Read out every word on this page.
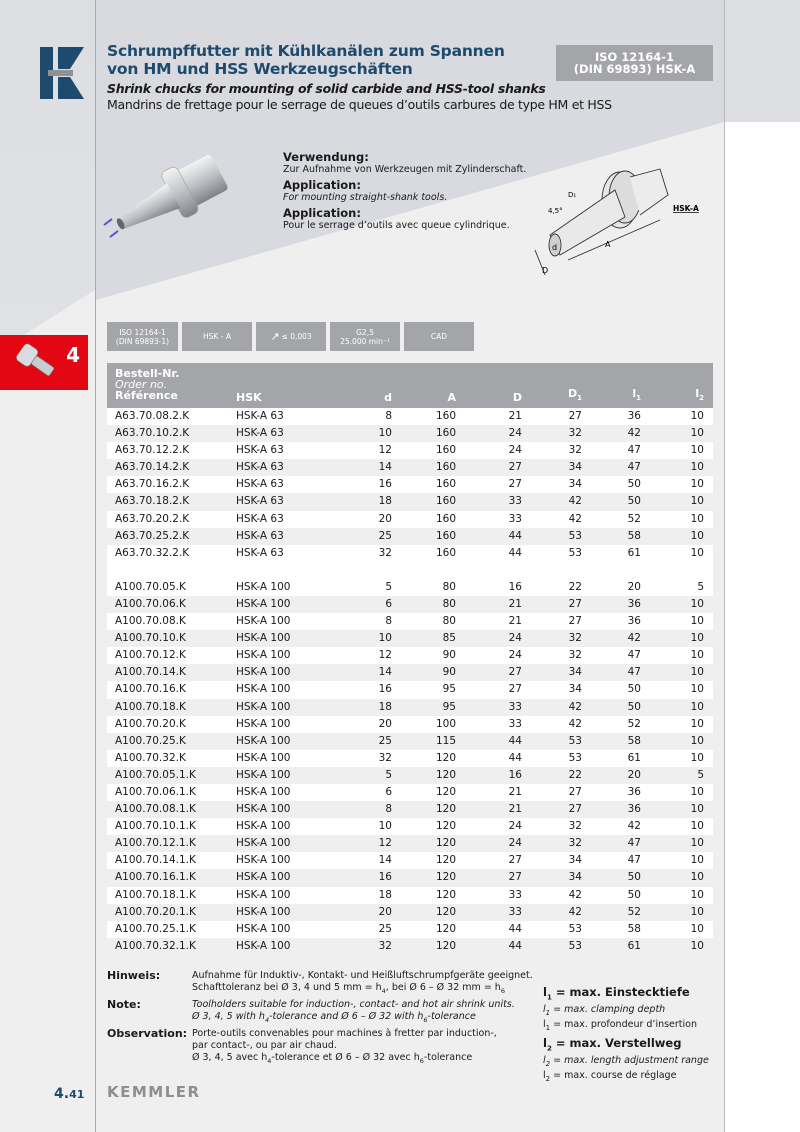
Schrumpffutter mit Kühlkanälen zum Spannen
von HM und HSS Werkzeugschäften
Shrink chucks for mounting of solid carbide and HSS-tool shanks
Mandrins de frettage pour le serrage de queues d’outils carbures de type HM et HSS
ISO 12164-1
(DIN 69893) HSK-A
Verwendung:
Zur Aufnahme von Werkzeugen mit Zylinderschaft.
Application:
For mounting straight-shank tools.
Application:
Pour le serrage d’outils avec queue cylindrique.
D
d	A
4,5°
D₁
HSK-A
4
ISO 12164-1
(DIN 69893-1)	HSK - A	↗ ≤ 0,003	G2,5
25.000 min⁻¹	CAD
Bestell-Nr.
Order no.
Référence	HSK	d	A	D	$D_1$	$l_1$	$l_2$
A63.70.08.2.K	HSK-A 63	8	160	21	27	36	10
A63.70.10.2.K	HSK-A 63	10	160	24	32	42	10
A63.70.12.2.K	HSK-A 63	12	160	24	32	47	10
A63.70.14.2.K	HSK-A 63	14	160	27	34	47	10
A63.70.16.2.K	HSK-A 63	16	160	27	34	50	10
A63.70.18.2.K	HSK-A 63	18	160	33	42	50	10
A63.70.20.2.K	HSK-A 63	20	160	33	42	52	10
A63.70.25.2.K	HSK-A 63	25	160	44	53	58	10
A63.70.32.2.K	HSK-A 63	32	160	44	53	61	10
A100.70.05.K	HSK-A 100	5	80	16	22	20	5
A100.70.06.K	HSK-A 100	6	80	21	27	36	10
A100.70.08.K	HSK-A 100	8	80	21	27	36	10
A100.70.10.K	HSK-A 100	10	85	24	32	42	10
A100.70.12.K	HSK-A 100	12	90	24	32	47	10
A100.70.14.K	HSK-A 100	14	90	27	34	47	10
A100.70.16.K	HSK-A 100	16	95	27	34	50	10
A100.70.18.K	HSK-A 100	18	95	33	42	50	10
A100.70.20.K	HSK-A 100	20	100	33	42	52	10
A100.70.25.K	HSK-A 100	25	115	44	53	58	10
A100.70.32.K	HSK-A 100	32	120	44	53	61	10
A100.70.05.1.K	HSK-A 100	5	120	16	22	20	5
A100.70.06.1.K	HSK-A 100	6	120	21	27	36	10
A100.70.08.1.K	HSK-A 100	8	120	21	27	36	10
A100.70.10.1.K	HSK-A 100	10	120	24	32	42	10
A100.70.12.1.K	HSK-A 100	12	120	24	32	47	10
A100.70.14.1.K	HSK-A 100	14	120	27	34	47	10
A100.70.16.1.K	HSK-A 100	16	120	27	34	50	10
A100.70.18.1.K	HSK-A 100	18	120	33	42	50	10
A100.70.20.1.K	HSK-A 100	20	120	33	42	52	10
A100.70.25.1.K	HSK-A 100	25	120	44	53	58	10
A100.70.32.1.K	HSK-A 100	32	120	44	53	61	10
Hinweis:	Aufnahme für Induktiv-, Kontakt- und Heißluftschrumpfgeräte geeignet.
Schafttoleranz bei Ø 3, 4 und 5 mm = $h_4$, bei Ø 6 – Ø 32 mm = $h_6$
Note:	Toolholders suitable for induction-, contact- and hot air shrink units.
Ø 3, 4, 5 with $h_4$-tolerance and Ø 6 – Ø 32 with $h_6$-tolerance
Observation: Porte-outils convenables pour machines à fretter par induction-,
par contact-, ou par air chaud.
Ø 3, 4, 5 avec $h_4$-tolerance et Ø 6 – Ø 32 avec $h_6$-tolerance
$l_1 = \max$. Einstecktiefe
$l_1 = \max$. clamping depth
$l_1 = \max$. profondeur d’insertion
$l_2 = \max$. Verstellweg
$l_2 = \max$. length adjustment range
$l_2 = \max$. course de réglage
4.41 KEMMLER
